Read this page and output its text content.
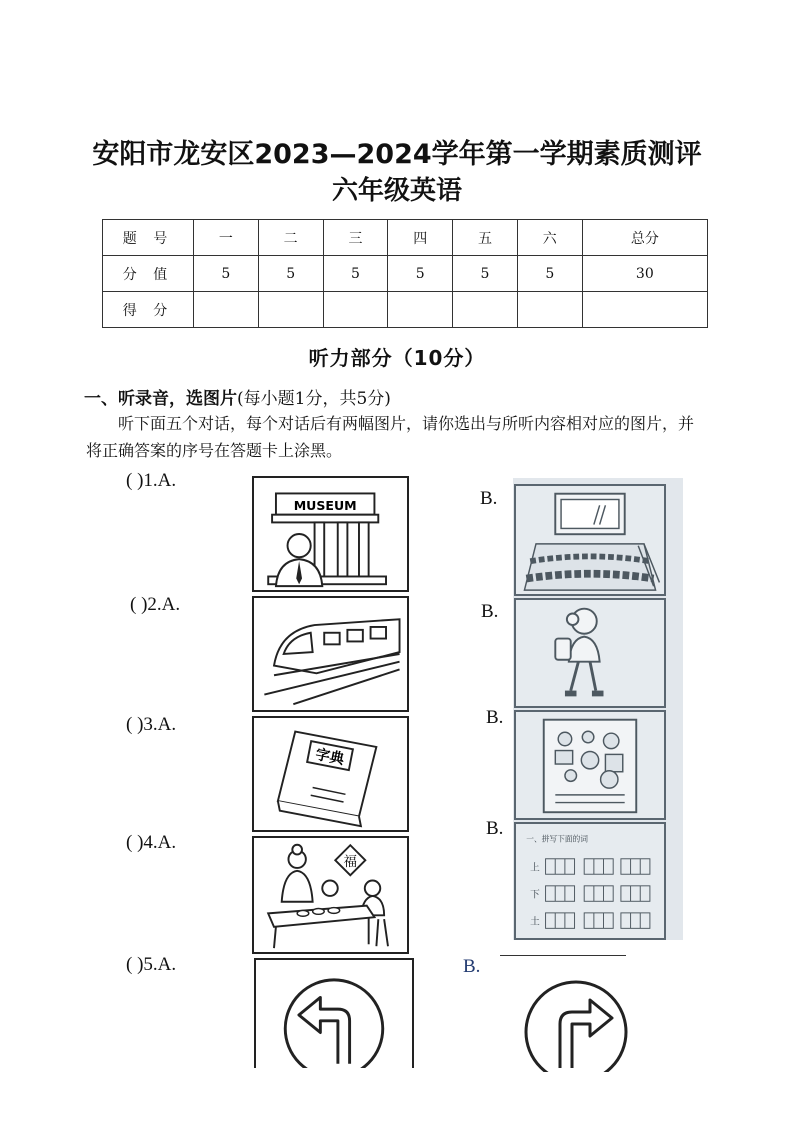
安阳市龙安区2023—2024学年第一学期素质测评
六年级英语
题 号	一	二	三	四	五	六	总分
分 值	5	5	5	5	5	5	30
得 分							
听力部分（10分）
一、听录音，选图片(每小题1分，共5分)
听下面五个对话，每个对话后有两幅图片，请你选出与所听内容相对应的图片，并将正确答案的序号在答题卡上涂黑。
( )1.A.
( )2.A.
( )3.A.
( )4.A.
( )5.A.
B.
B.
B.
B.
B.
MUSEUM
字典
福
一、拼写下面的词
上
下
土
